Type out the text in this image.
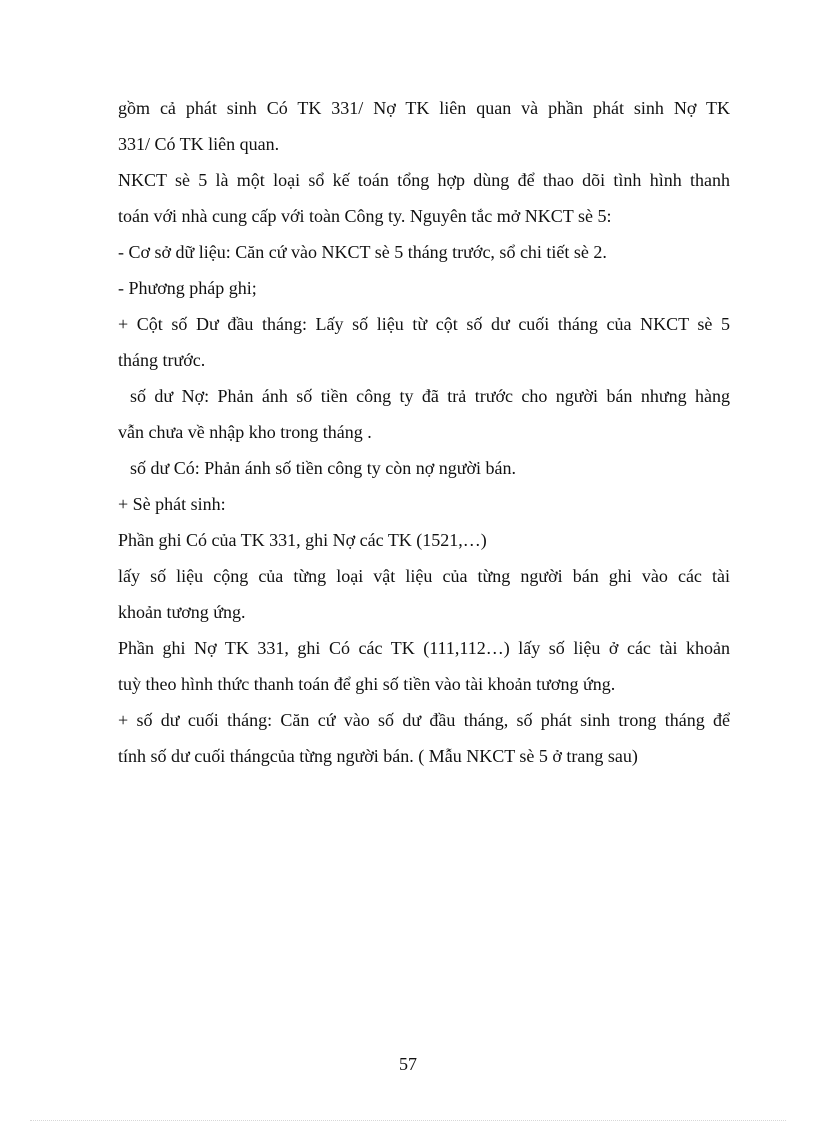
gồm cả phát sinh Có TK 331/ Nợ TK liên quan và phần phát sinh Nợ TK

331/ Có TK liên quan.

NKCT sè 5 là một loại sổ kế toán tổng hợp dùng để thao dõi tình hình thanh

toán với nhà cung cấp với toàn Công ty. Nguyên tắc mở NKCT sè 5:

- Cơ sở dữ liệu: Căn cứ vào NKCT sè 5 tháng trước, sổ chi tiết sè 2.

- Phương pháp ghi;

+ Cột số Dư đầu tháng: Lấy số liệu từ cột số dư cuối tháng của NKCT sè 5

tháng trước.

số dư Nợ: Phản ánh số tiền công ty đã trả trước cho người bán nhưng hàng

vẫn chưa về nhập kho trong tháng .

số dư Có: Phản ánh số tiền công ty còn nợ người bán.

+ Sè phát sinh:

Phần ghi Có của TK 331, ghi Nợ các TK (1521,…)

lấy số liệu cộng của từng loại vật liệu của từng người bán ghi vào các tài

khoản tương ứng.

Phần ghi Nợ TK 331, ghi Có các TK (111,112…) lấy số liệu ở các tài khoản

tuỳ theo hình thức thanh toán để ghi số tiền vào tài khoản tương ứng.

+ số dư cuối tháng: Căn cứ vào số dư đầu tháng, số phát sinh trong tháng để

tính số dư cuối thángcủa từng người bán. ( Mẫu NKCT sè 5 ở trang sau)

57
